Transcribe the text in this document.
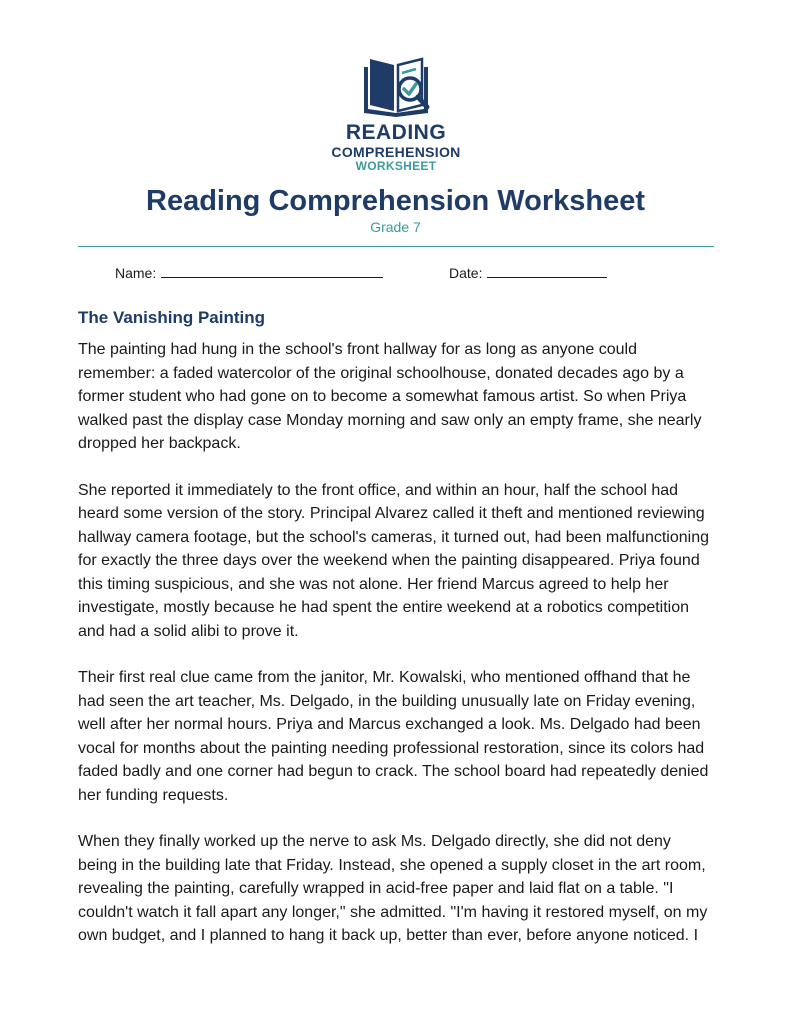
READING
COMPREHENSION
WORKSHEET
Reading Comprehension Worksheet
Grade 7
Name:	Date:
The Vanishing Painting

The painting had hung in the school's front hallway for as long as anyone could
remember: a faded watercolor of the original schoolhouse, donated decades ago by a
former student who had gone on to become a somewhat famous artist. So when Priya
walked past the display case Monday morning and saw only an empty frame, she nearly
dropped her backpack.

She reported it immediately to the front office, and within an hour, half the school had
heard some version of the story. Principal Alvarez called it theft and mentioned reviewing
hallway camera footage, but the school's cameras, it turned out, had been malfunctioning
for exactly the three days over the weekend when the painting disappeared. Priya found
this timing suspicious, and she was not alone. Her friend Marcus agreed to help her
investigate, mostly because he had spent the entire weekend at a robotics competition
and had a solid alibi to prove it.

Their first real clue came from the janitor, Mr. Kowalski, who mentioned offhand that he
had seen the art teacher, Ms. Delgado, in the building unusually late on Friday evening,
well after her normal hours. Priya and Marcus exchanged a look. Ms. Delgado had been
vocal for months about the painting needing professional restoration, since its colors had
faded badly and one corner had begun to crack. The school board had repeatedly denied
her funding requests.

When they finally worked up the nerve to ask Ms. Delgado directly, she did not deny
being in the building late that Friday. Instead, she opened a supply closet in the art room,
revealing the painting, carefully wrapped in acid-free paper and laid flat on a table. "I
couldn't watch it fall apart any longer," she admitted. "I'm having it restored myself, on my
own budget, and I planned to hang it back up, better than ever, before anyone noticed. I
